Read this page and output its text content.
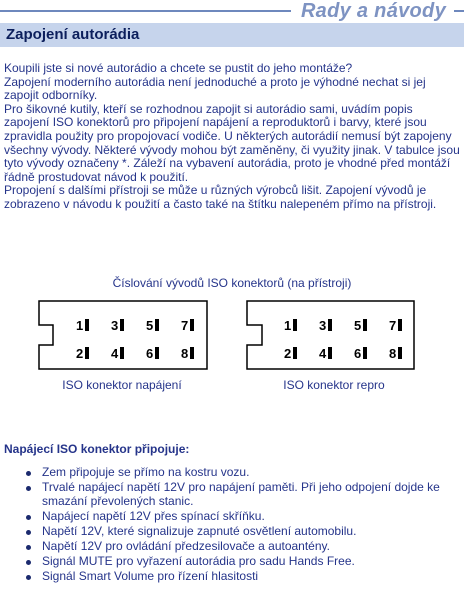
Rady a návody
Zapojení autorádia

Koupili jste si nové autorádio a chcete se pustit do jeho montáže?

Zapojení moderního autorádia není jednoduché a proto je výhodné nechat si jej zapojit odborníky.

Pro šikovné kutily, kteří se rozhodnou zapojit si autorádio sami, uvádím popis zapojení ISO konektorů pro připojení napájení a reproduktorů i barvy, které jsou zpravidla použity pro propojovací vodiče. U některých autorádií nemusí být zapojeny všechny vývody. Některé vývody mohou být zaměněny, či využity jinak. V tabulce jsou tyto vývody označeny *. Záleží na vybavení autorádia, proto je vhodné před montáží řádně prostudovat návod k použití.

Propojení s dalšími přístroji se může u různých výrobců lišit. Zapojení vývodů je zobrazeno v návodu k použití a často také na štítku nalepeném přímo na přístroji.

Číslování vývodů ISO konektorů (na přístroji)
1	3	5	7
2	4	6	8
ISO konektor napájení
1	3	5	7
2	4	6	8
ISO konektor repro
Napájecí ISO konektor připojuje:
Zem připojuje se přímo na kostru vozu.
Trvalé napájecí napětí 12V pro napájení paměti. Při jeho odpojení dojde ke smazání převolených stanic.
Napájecí napětí 12V přes spínací skříňku.
Napětí 12V, které signalizuje zapnuté osvětlení automobilu.
Napětí 12V pro ovládání předzesilovače a autoantény.
Signál MUTE pro vyřazení autorádia pro sadu Hands Free.
Signál Smart Volume pro řízení hlasitosti
